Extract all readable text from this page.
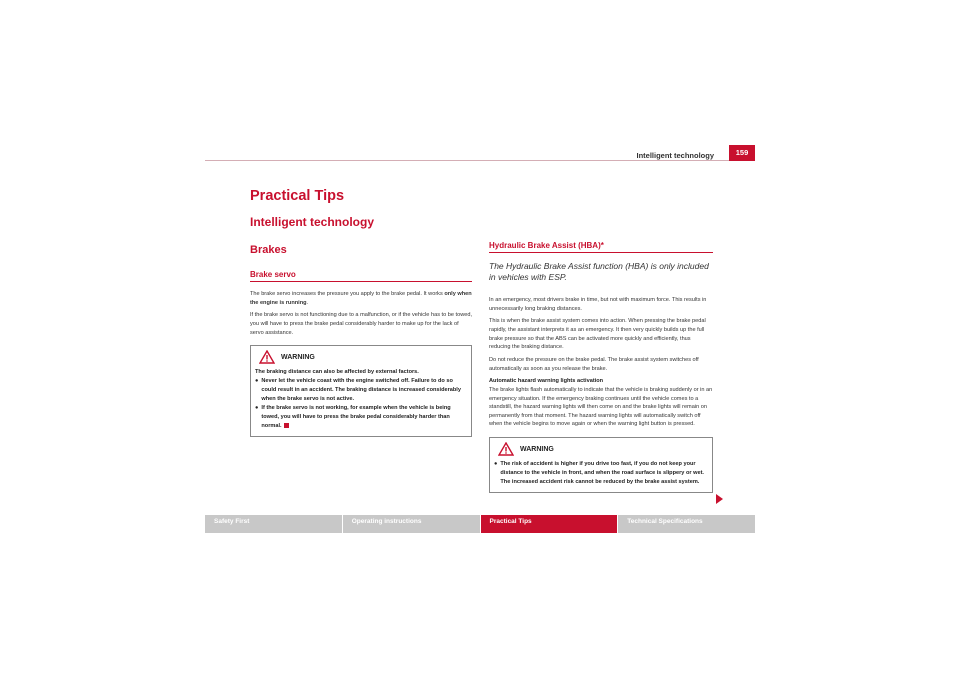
Intelligent technology	159
Practical Tips
Intelligent technology
Brakes
Brake servo

The brake servo increases the pressure you apply to the brake pedal. It works only when the engine is running.

If the brake servo is not functioning due to a malfunction, or if the vehicle has to be towed, you will have to press the brake pedal considerably harder to make up for the lack of servo assistance.

WARNING
The braking distance can also be affected by external factors.
● Never let the vehicle coast with the engine switched off. Failure to do so could result in an accident. The braking distance is increased considerably when the brake servo is not active.
● If the brake servo is not working, for example when the vehicle is being towed, you will have to press the brake pedal considerably harder than normal.
Hydraulic Brake Assist (HBA)*
The Hydraulic Brake Assist function (HBA) is only included in vehicles with ESP.

In an emergency, most drivers brake in time, but not with maximum force. This results in unnecessarily long braking distances.

This is when the brake assist system comes into action. When pressing the brake pedal rapidly, the assistant interprets it as an emergency. It then very quickly builds up the full brake pressure so that the ABS can be activated more quickly and efficiently, thus reducing the braking distance.

Do not reduce the pressure on the brake pedal. The brake assist system switches off automatically as soon as you release the brake.

Automatic hazard warning lights activation

The brake lights flash automatically to indicate that the vehicle is braking suddenly or in an emergency situation. If the emergency braking continues until the vehicle comes to a standstill, the hazard warning lights will then come on and the brake lights will remain on permanently from that moment. The hazard warning lights will automatically switch off when the vehicle begins to move again or when the warning light button is pressed.

WARNING
● The risk of accident is higher if you drive too fast, if you do not keep your distance to the vehicle in front, and when the road surface is slippery or wet. The increased accident risk cannot be reduced by the brake assist system.
Safety First	Operating instructions	Practical Tips	Technical Specifications
